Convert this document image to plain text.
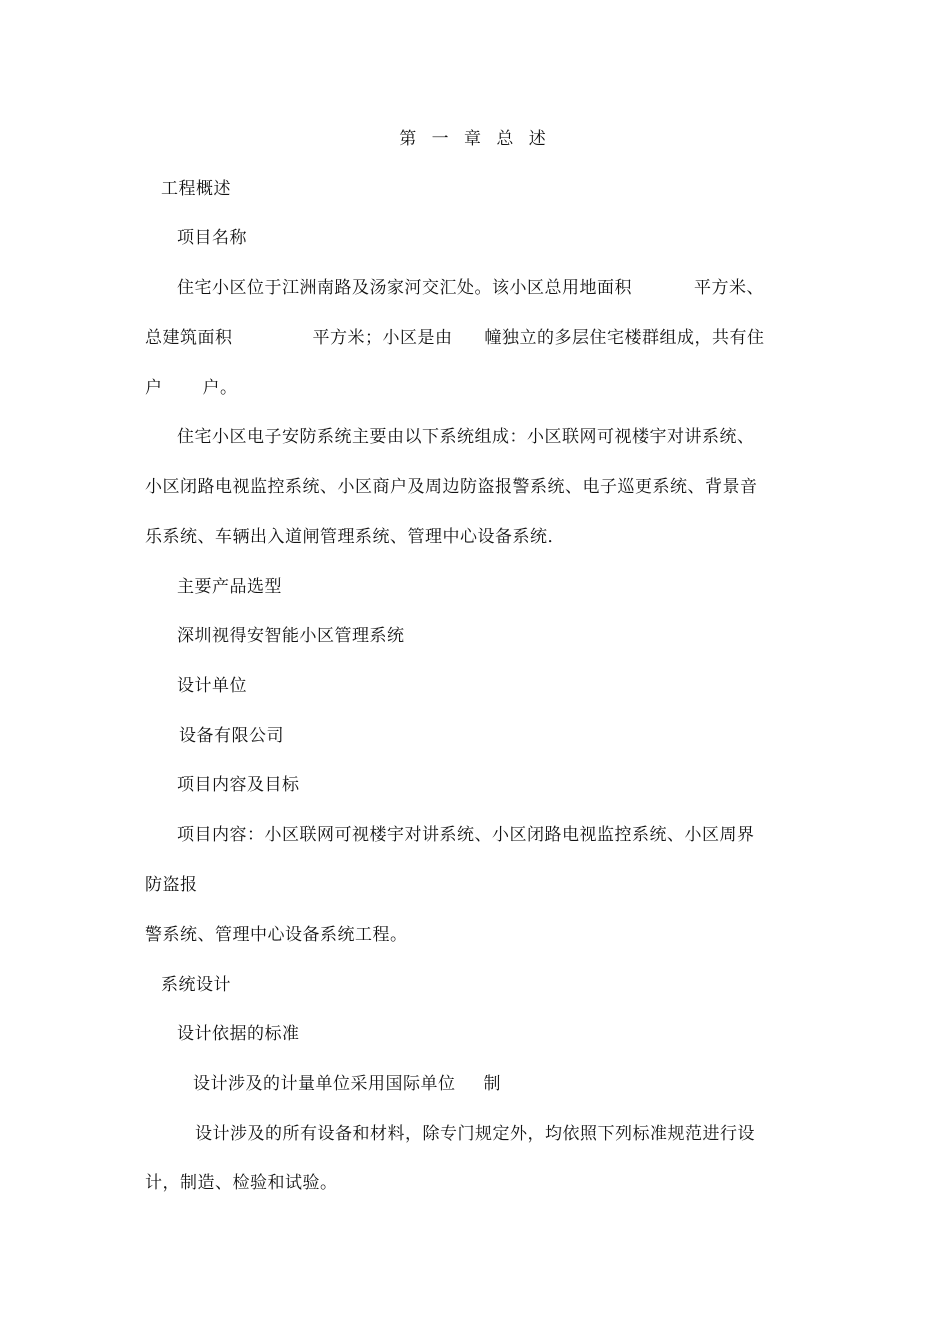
第 一 章 总 述
工程概述
项目名称
住宅小区位于江洲南路及汤家河交汇处。该小区总用地面积	平方米、
总建筑面积	平方米；小区是由 幢独立的多层住宅楼群组成，共有住
户 户。
住宅小区电子安防系统主要由以下系统组成：小区联网可视楼宇对讲系统、
小区闭路电视监控系统、小区商户及周边防盗报警系统、电子巡更系统、背景音
乐系统、车辆出入道闸管理系统、管理中心设备系统．
主要产品选型
深圳视得安智能小区管理系统
设计单位
设备有限公司
项目内容及目标
项目内容：小区联网可视楼宇对讲系统、小区闭路电视监控系统、小区周界
防盗报
警系统、管理中心设备系统工程。
系统设计
设计依据的标准
设计涉及的计量单位采用国际单位 制
设计涉及的所有设备和材料，除专门规定外，均依照下列标准规范进行设
计，制造、检验和试验。
